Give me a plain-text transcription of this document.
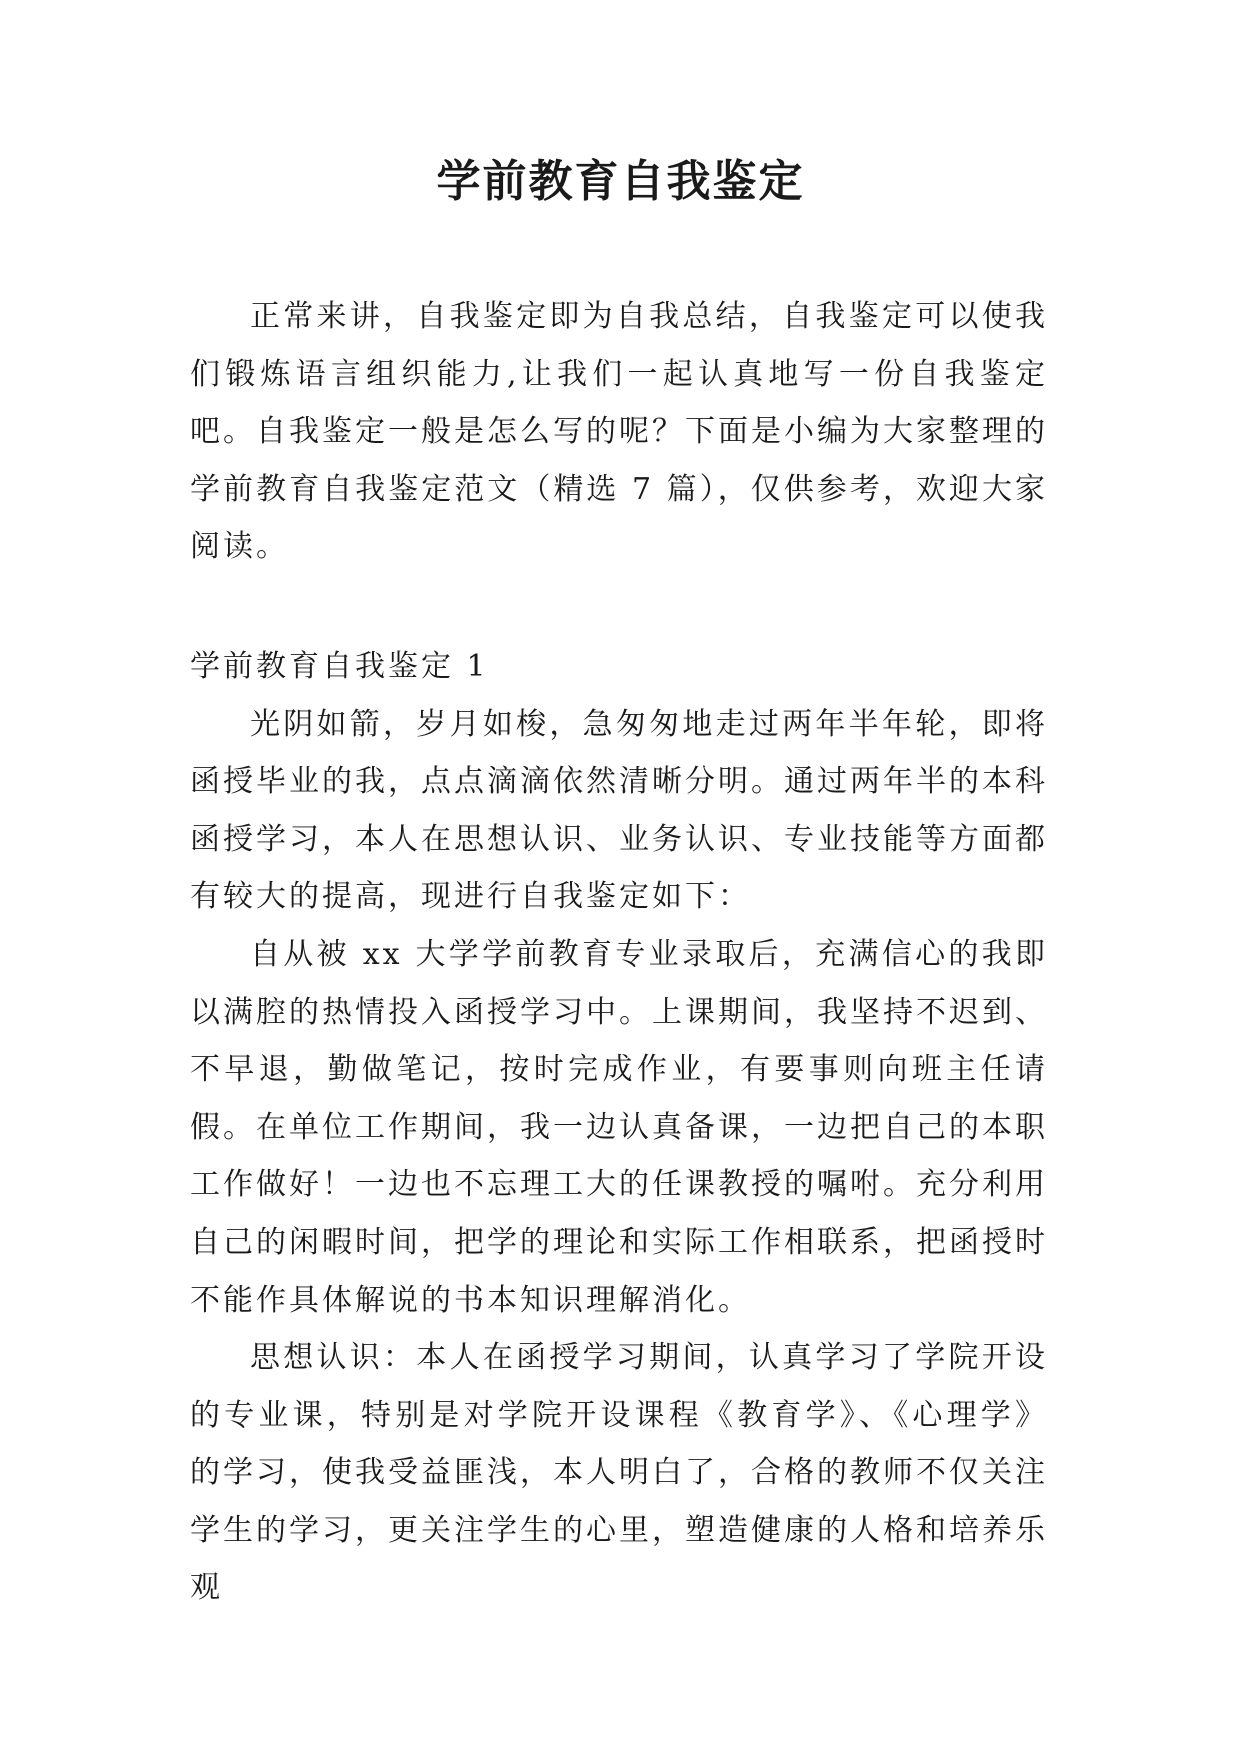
学前教育自我鉴定

正常来讲，自我鉴定即为自我总结，自我鉴定可以使我们锻炼语言组织能力,让我们一起认真地写一份自我鉴定吧。自我鉴定一般是怎么写的呢？下面是小编为大家整理的学前教育自我鉴定范文（精选 7 篇），仅供参考，欢迎大家阅读。

学前教育自我鉴定 1

光阴如箭，岁月如梭，急匆匆地走过两年半年轮，即将函授毕业的我，点点滴滴依然清晰分明。通过两年半的本科函授学习，本人在思想认识、业务认识、专业技能等方面都有较大的提高，现进行自我鉴定如下：

自从被 xx 大学学前教育专业录取后，充满信心的我即以满腔的热情投入函授学习中。上课期间，我坚持不迟到、不早退，勤做笔记，按时完成作业，有要事则向班主任请假。在单位工作期间，我一边认真备课，一边把自己的本职工作做好！一边也不忘理工大的任课教授的嘱咐。充分利用自己的闲暇时间，把学的理论和实际工作相联系，把函授时不能作具体解说的书本知识理解消化。

思想认识：本人在函授学习期间，认真学习了学院开设的专业课，特别是对学院开设课程《教育学》、《心理学》的学习，使我受益匪浅，本人明白了，合格的教师不仅关注学生的学习，更关注学生的心里，塑造健康的人格和培养乐观
